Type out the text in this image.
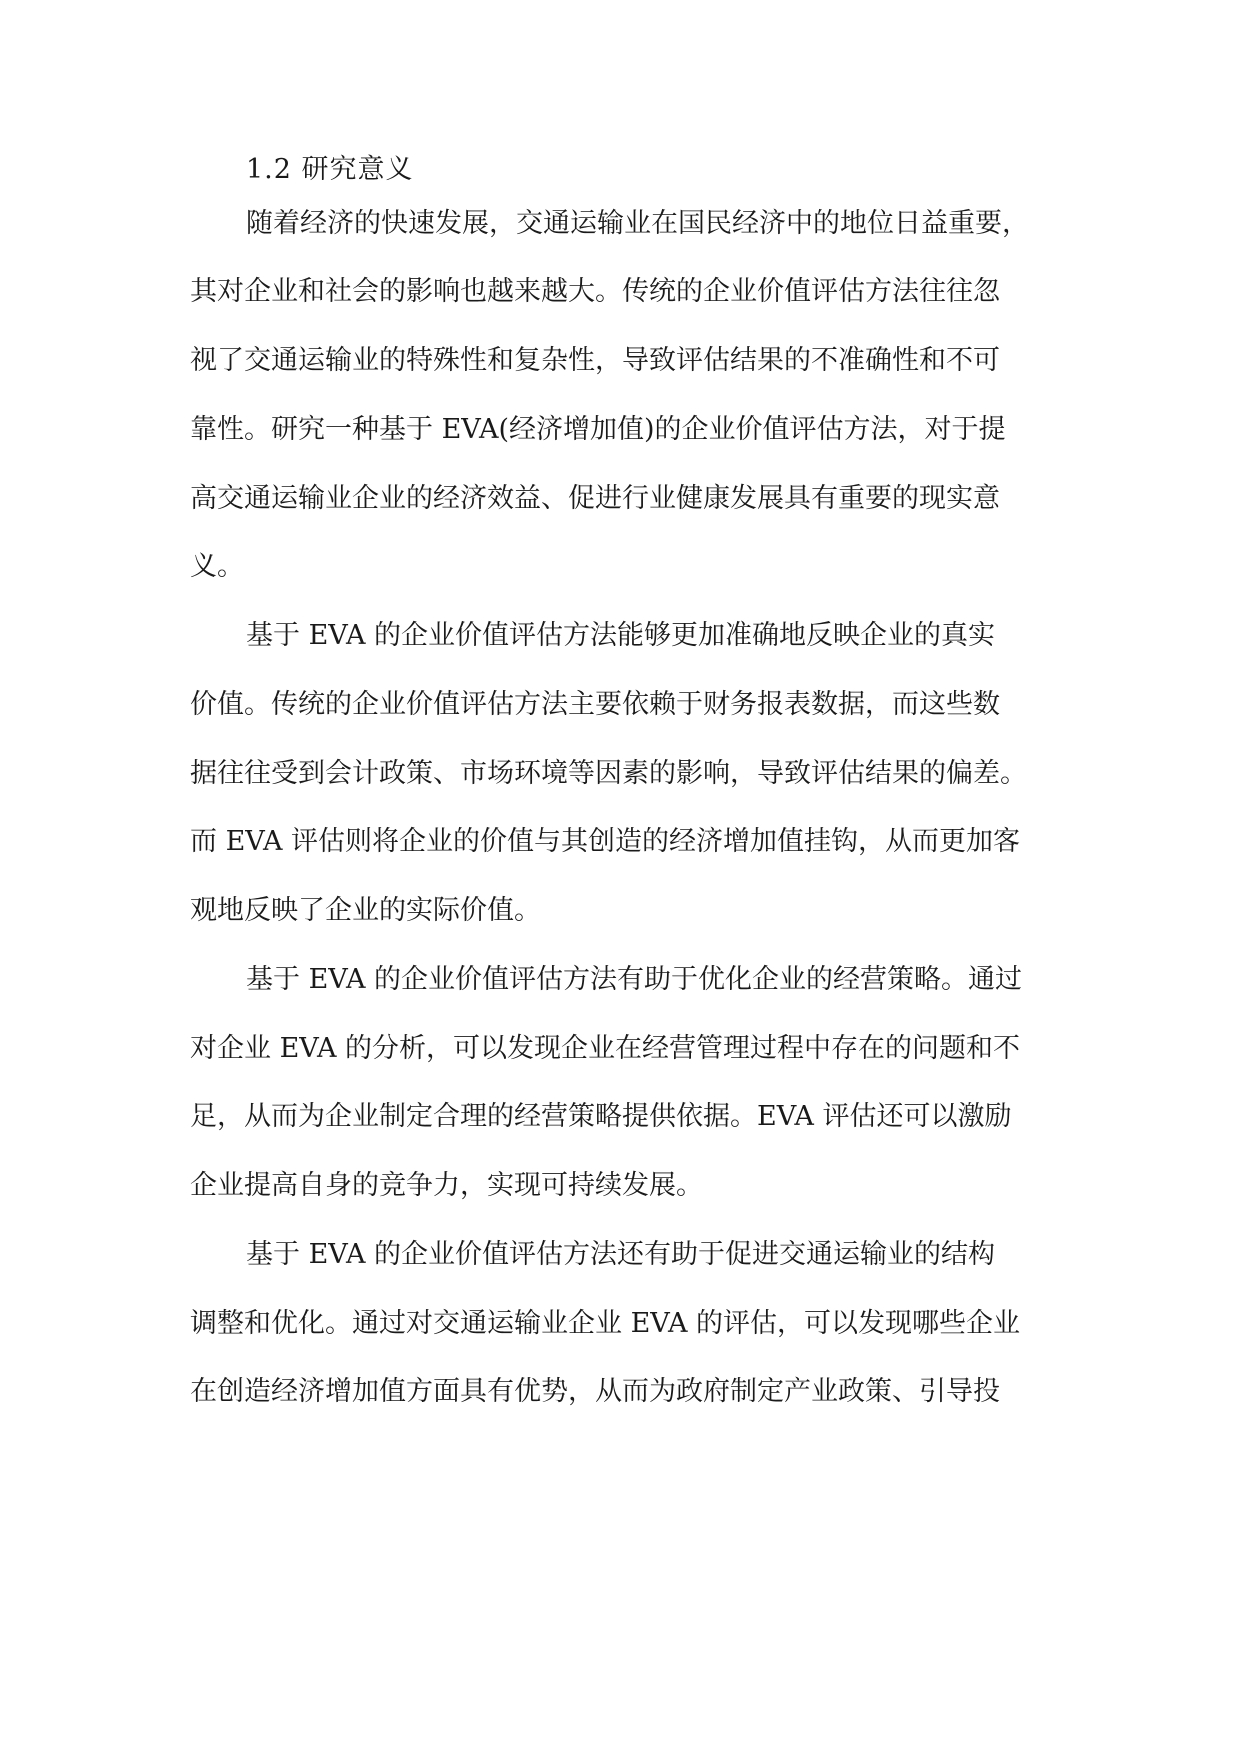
1.2 研究意义
随着经济的快速发展，交通运输业在国民经济中的地位日益重要，
其对企业和社会的影响也越来越大。传统的企业价值评估方法往往忽
视了交通运输业的特殊性和复杂性，导致评估结果的不准确性和不可
靠性。研究一种基于 EVA(经济增加值)的企业价值评估方法，对于提
高交通运输业企业的经济效益、促进行业健康发展具有重要的现实意
义。
基于 EVA 的企业价值评估方法能够更加准确地反映企业的真实
价值。传统的企业价值评估方法主要依赖于财务报表数据，而这些数
据往往受到会计政策、市场环境等因素的影响，导致评估结果的偏差。
而 EVA 评估则将企业的价值与其创造的经济增加值挂钩，从而更加客
观地反映了企业的实际价值。
基于 EVA 的企业价值评估方法有助于优化企业的经营策略。通过
对企业 EVA 的分析，可以发现企业在经营管理过程中存在的问题和不
足，从而为企业制定合理的经营策略提供依据。EVA 评估还可以激励
企业提高自身的竞争力，实现可持续发展。
基于 EVA 的企业价值评估方法还有助于促进交通运输业的结构
调整和优化。通过对交通运输业企业 EVA 的评估，可以发现哪些企业
在创造经济增加值方面具有优势，从而为政府制定产业政策、引导投
